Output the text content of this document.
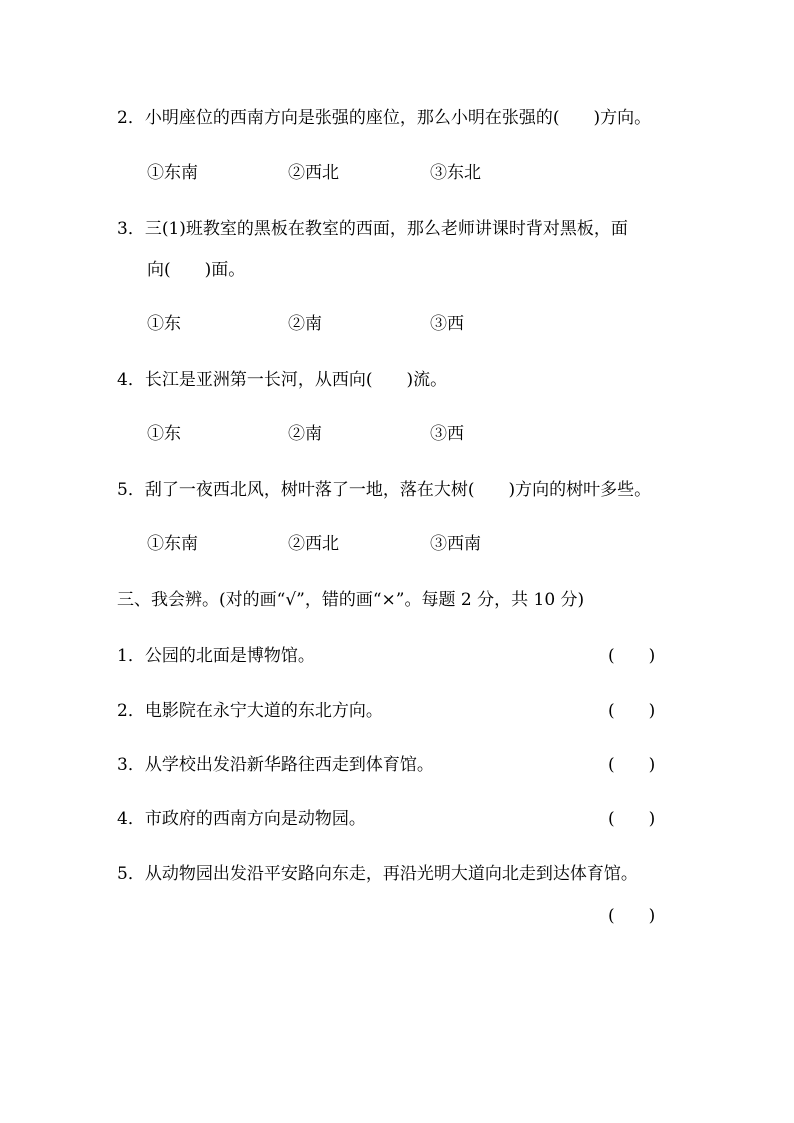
2．小明座位的西南方向是张强的座位，那么小明在张强的(　　)方向。
①东南	②西北	③东北
3．三(1)班教室的黑板在教室的西面，那么老师讲课时背对黑板，面
向(　　)面。
①东	②南	③西
4．长江是亚洲第一长河，从西向(　　)流。
①东	②南	③西
5．刮了一夜西北风，树叶落了一地，落在大树(　　)方向的树叶多些。
①东南	②西北	③西南
三、我会辨。(对的画“√”，错的画“×”。每题 2 分，共 10 分)
1．公园的北面是博物馆。	(　　)
2．电影院在永宁大道的东北方向。	(　　)
3．从学校出发沿新华路往西走到体育馆。	(　　)
4．市政府的西南方向是动物园。	(　　)
5．从动物园出发沿平安路向东走，再沿光明大道向北走到达体育馆。
(　　)
